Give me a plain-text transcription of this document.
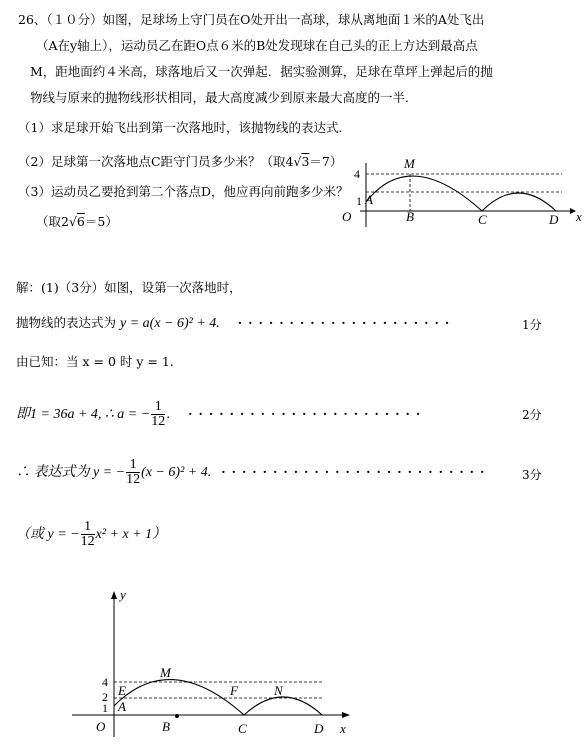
26、（１０分）如图，足球场上守门员在O处开出一高球，球从离地面１米的A处飞出
（A在y轴上），运动员乙在距O点６米的B处发现球在自己头的正上方达到最高点
M，距地面约４米高，球落地后又一次弹起．据实验测算，足球在草坪上弹起后的抛
物线与原来的抛物线形状相同，最大高度减少到原来最大高度的一半．
（1）求足球开始飞出到第一次落地时，该抛物线的表达式．
（2）足球第一次落地点C距守门员多少米？（取4√3＝7）
（3）运动员乙要抢到第二个落点D，他应再向前跑多少米？
（取2√6＝5）
M
4
1 A
O	B	C	D x
解：(1)（3分）如图，设第一次落地时，
抛物线的表达式为 y = a(x − 6)² + 4. ·····················	1分
由已知：当 x = 0 时 y = 1.
即1 = 36a + 4, ∴ a = − $\frac{1}{12}$ . ·······················	2分
∴ 表达式为 y = − $\frac{1}{12} (x - 6)^2 + 4$. ··························	3分
（或 y = − $\frac{1}{12} x^2 + x + 1$）
y
M
E	F	N
4
2
1 A
O	B	C	D x
